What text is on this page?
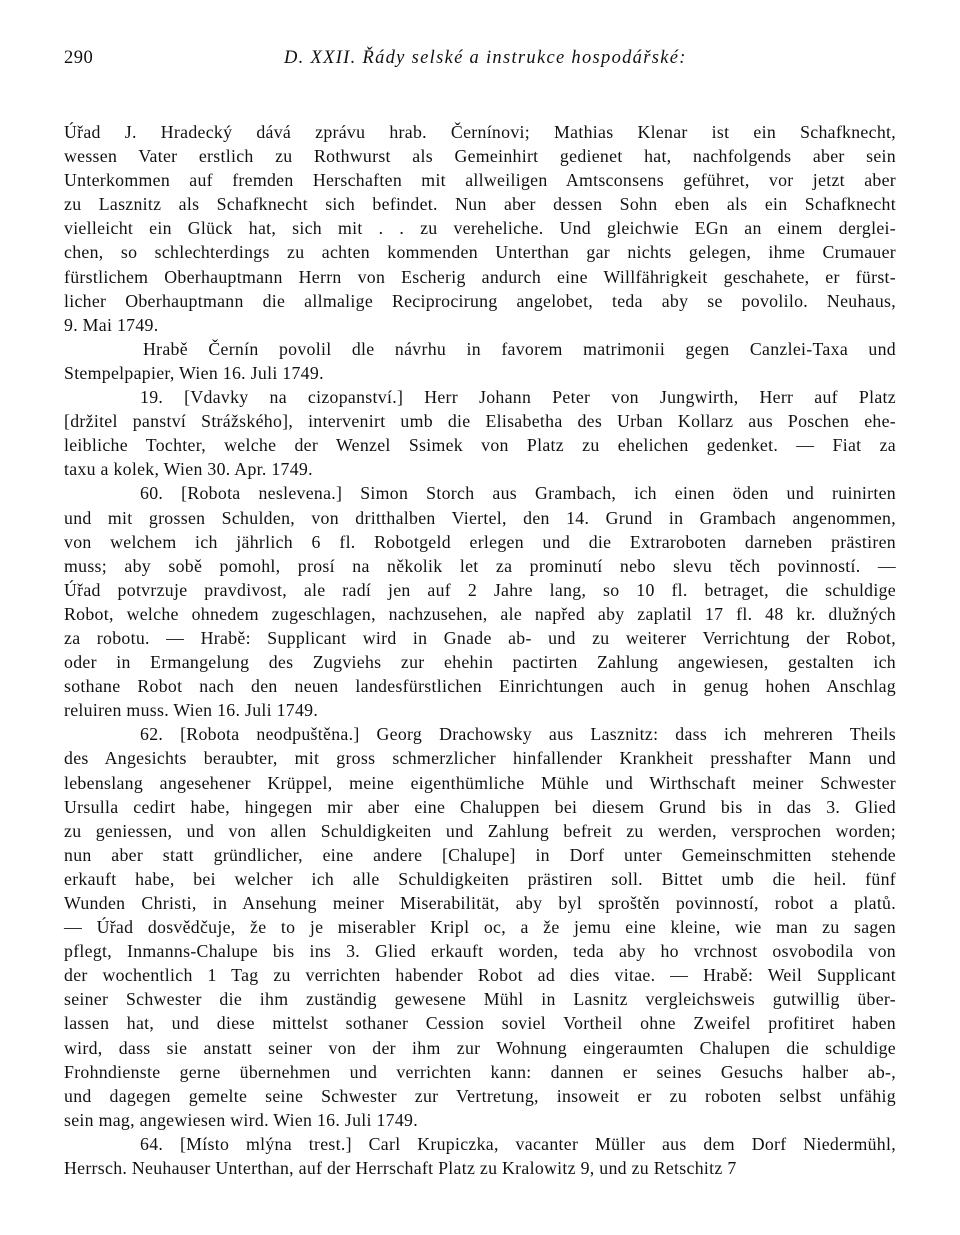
290	D. XXII. Řády selské a instrukce hospodářské:
Úřad J. Hradecký dává zprávu hrab. Černínovi; Mathias Klenar ist ein Schafknecht,
wessen Vater erstlich zu Rothwurst als Gemeinhirt gedienet hat, nachfolgends aber sein
Unterkommen auf fremden Herschaften mit allweiligen Amtsconsens geführet, vor jetzt aber
zu Lasznitz als Schafknecht sich befindet. Nun aber dessen Sohn eben als ein Schafknecht
vielleicht ein Glück hat, sich mit . . zu vereheliche. Und gleichwie EGn an einem derglei-
chen, so schlechterdings zu achten kommenden Unterthan gar nichts gelegen, ihme Crumauer
fürstlichem Oberhauptmann Herrn von Escherig andurch eine Willfährigkeit geschahete, er fürst-
licher Oberhauptmann die allmalige Reciprocirung angelobet, teda aby se povolilo. Neuhaus,
9. Mai 1749.
Hrabě Černín povolil dle návrhu in favorem matrimonii gegen Canzlei-Taxa und
Stempelpapier, Wien 16. Juli 1749.
19. [Vdavky na cizopanství.] Herr Johann Peter von Jungwirth, Herr auf Platz
[držitel panství Strážského], intervenirt umb die Elisabetha des Urban Kollarz aus Poschen ehe-
leibliche Tochter, welche der Wenzel Ssimek von Platz zu ehelichen gedenket. — Fiat za
taxu a kolek, Wien 30. Apr. 1749.
60. [Robota neslevena.] Simon Storch aus Grambach, ich einen öden und ruinirten
und mit grossen Schulden, von dritthalben Viertel, den 14. Grund in Grambach angenommen,
von welchem ich jährlich 6 fl. Robotgeld erlegen und die Extraroboten darneben prästiren
muss; aby sobě pomohl, prosí na několik let za prominutí nebo slevu těch povinností. —
Úřad potvrzuje pravdivost, ale radí jen auf 2 Jahre lang, so 10 fl. betraget, die schuldige
Robot, welche ohnedem zugeschlagen, nachzusehen, ale napřed aby zaplatil 17 fl. 48 kr. dlužných
za robotu. — Hrabě: Supplicant wird in Gnade ab- und zu weiterer Verrichtung der Robot,
oder in Ermangelung des Zugviehs zur ehehin pactirten Zahlung angewiesen, gestalten ich
sothane Robot nach den neuen landesfürstlichen Einrichtungen auch in genug hohen Anschlag
reluiren muss. Wien 16. Juli 1749.
62. [Robota neodpuštěna.] Georg Drachowsky aus Lasznitz: dass ich mehreren Theils
des Angesichts beraubter, mit gross schmerzlicher hinfallender Krankheit presshafter Mann und
lebenslang angesehener Krüppel, meine eigenthümliche Mühle und Wirthschaft meiner Schwester
Ursulla cedirt habe, hingegen mir aber eine Chaluppen bei diesem Grund bis in das 3. Glied
zu geniessen, und von allen Schuldigkeiten und Zahlung befreit zu werden, versprochen worden;
nun aber statt gründlicher, eine andere [Chalupe] in Dorf unter Gemeinschmitten stehende
erkauft habe, bei welcher ich alle Schuldigkeiten prästiren soll. Bittet umb die heil. fünf
Wunden Christi, in Ansehung meiner Miserabilität, aby byl sproštěn povinností, robot a platů.
— Úřad dosvědčuje, že to je miserabler Kripl oc, a že jemu eine kleine, wie man zu sagen
pflegt, Inmanns-Chalupe bis ins 3. Glied erkauft worden, teda aby ho vrchnost osvobodila von
der wochentlich 1 Tag zu verrichten habender Robot ad dies vitae. — Hrabě: Weil Supplicant
seiner Schwester die ihm zuständig gewesene Mühl in Lasnitz vergleichsweis gutwillig über-
lassen hat, und diese mittelst sothaner Cession soviel Vortheil ohne Zweifel profitiret haben
wird, dass sie anstatt seiner von der ihm zur Wohnung eingeraumten Chalupen die schuldige
Frohndienste gerne übernehmen und verrichten kann: dannen er seines Gesuchs halber ab-,
und dagegen gemelte seine Schwester zur Vertretung, insoweit er zu roboten selbst unfähig
sein mag, angewiesen wird. Wien 16. Juli 1749.
64. [Místo mlýna trest.] Carl Krupiczka, vacanter Müller aus dem Dorf Niedermühl,
Herrsch. Neuhauser Unterthan, auf der Herrschaft Platz zu Kralowitz 9, und zu Retschitz 7
